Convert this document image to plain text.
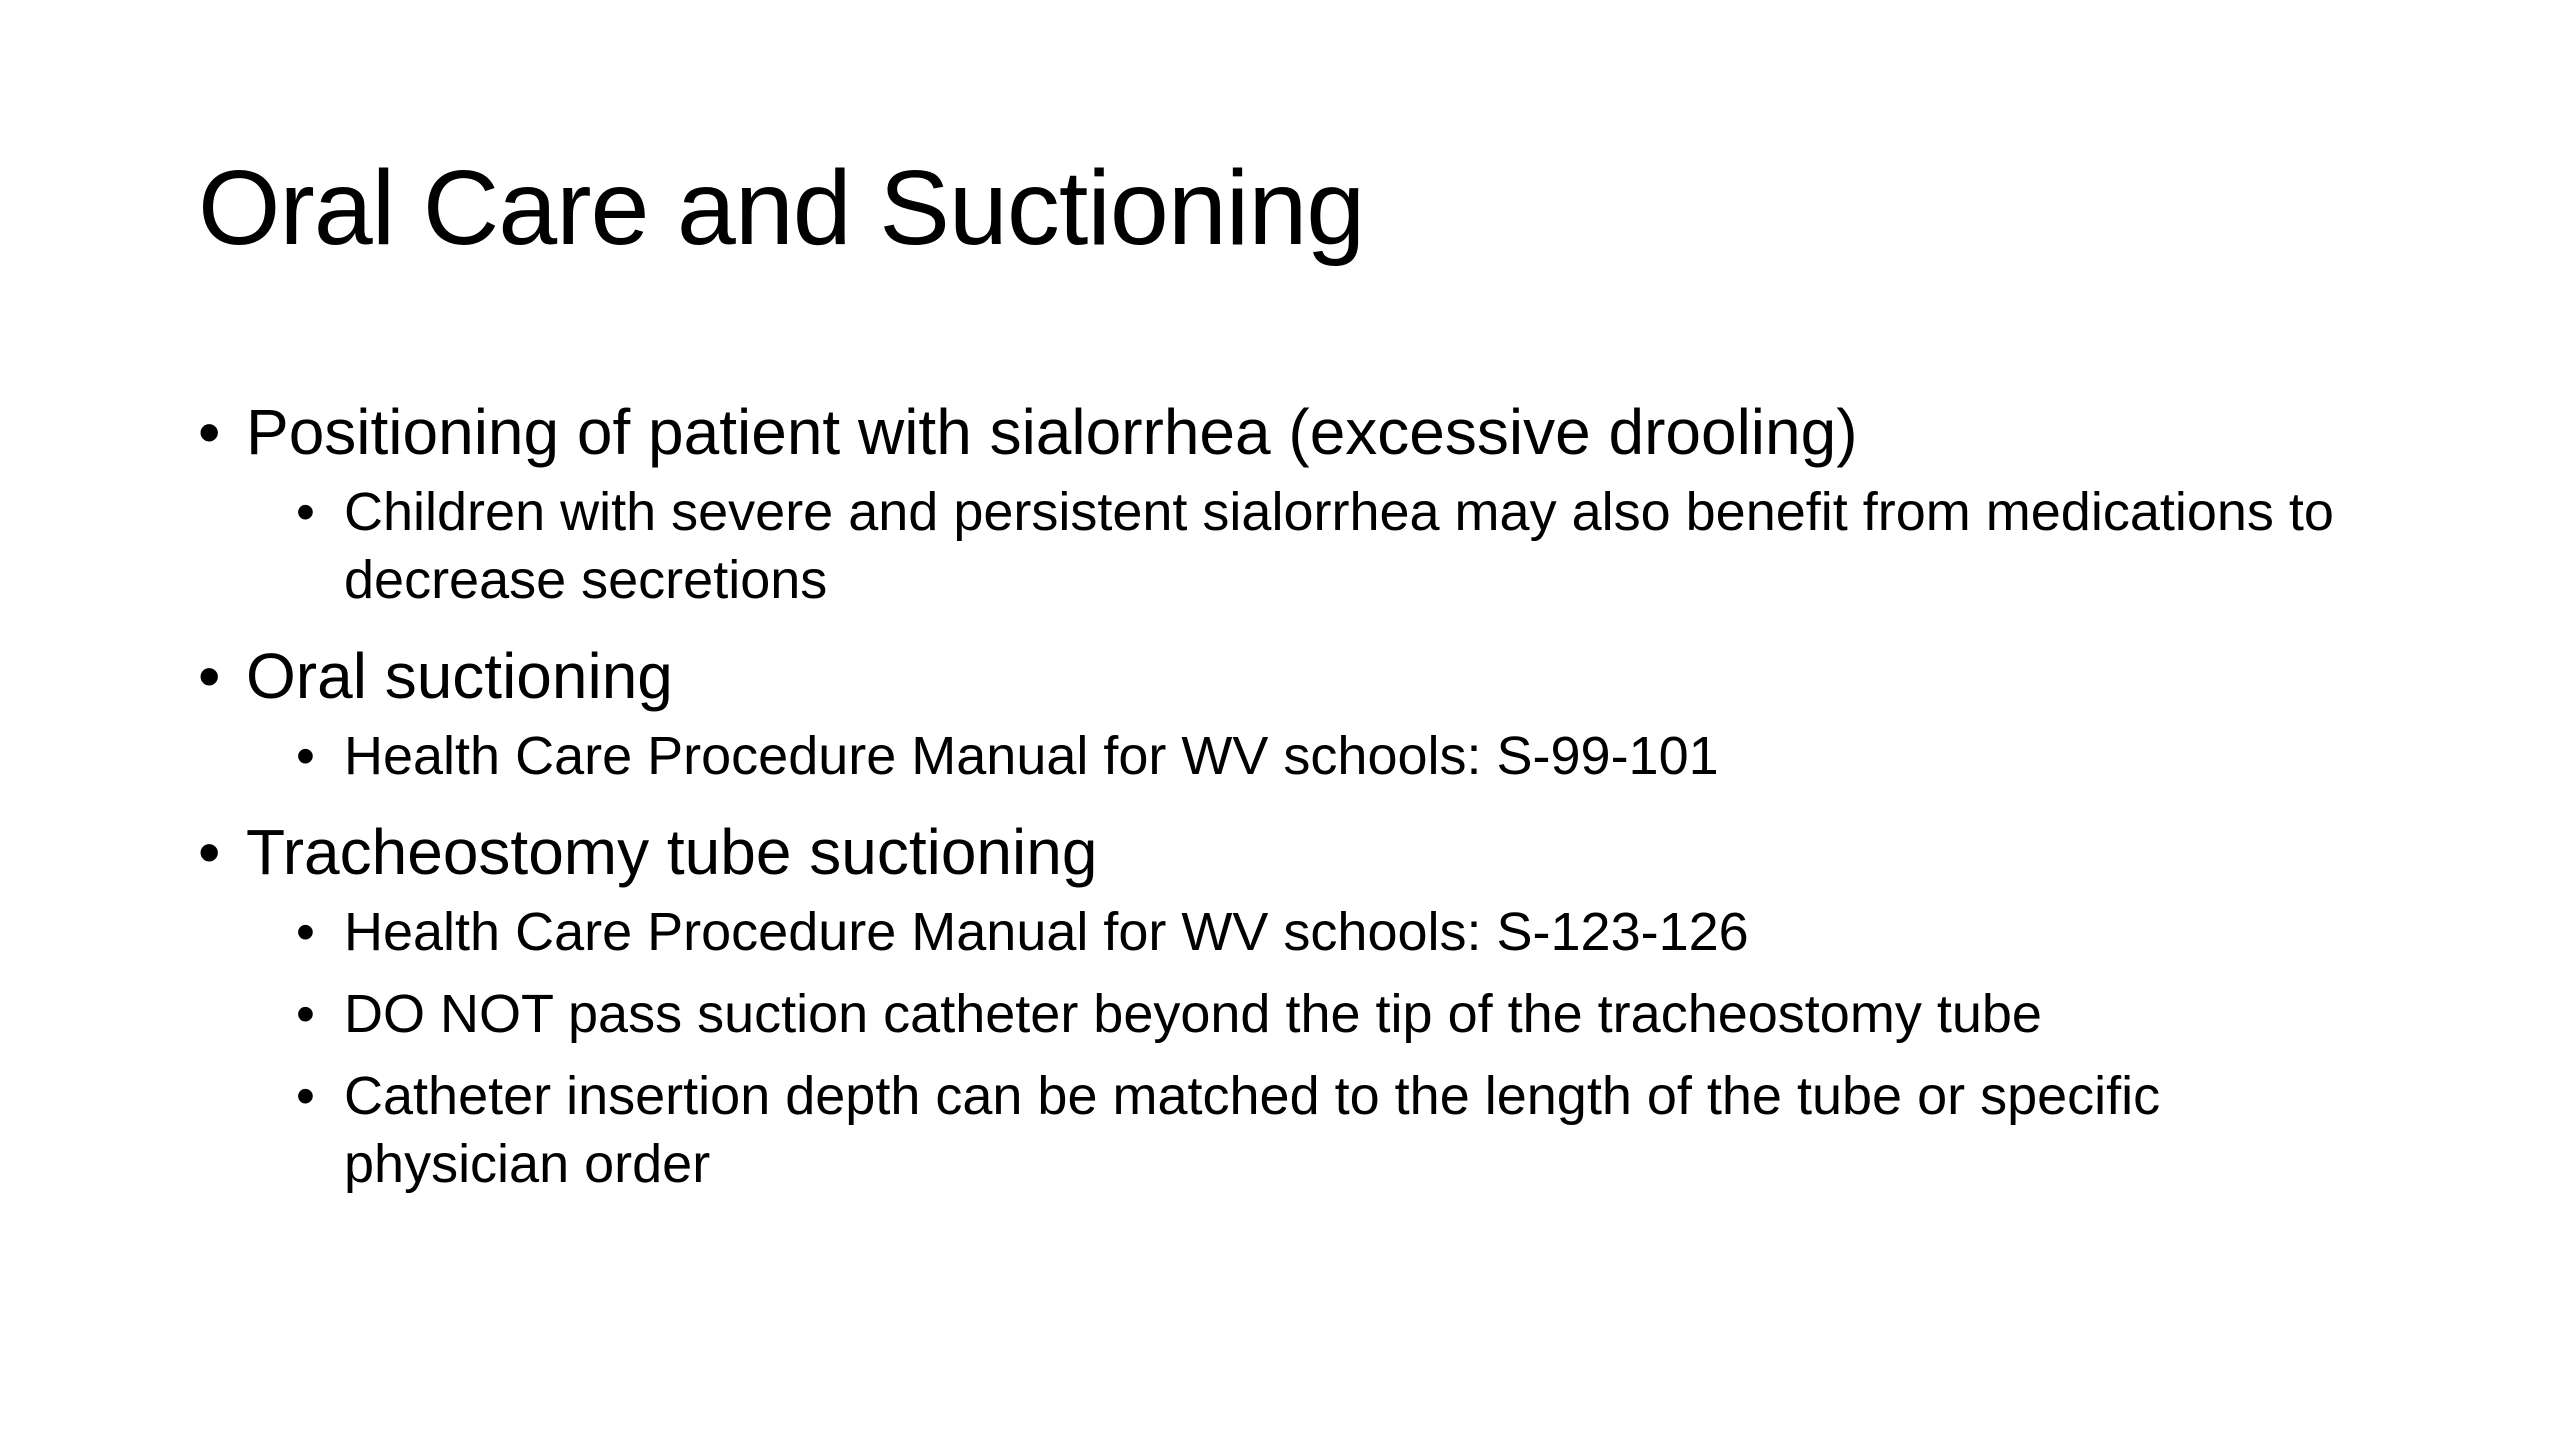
Oral Care and Suctioning
• Positioning of patient with sialorrhea (excessive drooling)
• Children with severe and persistent sialorrhea may also benefit from medications to decrease secretions
• Oral suctioning
• Health Care Procedure Manual for WV schools: S-99-101
• Tracheostomy tube suctioning
• Health Care Procedure Manual for WV schools: S-123-126
• DO NOT pass suction catheter beyond the tip of the tracheostomy tube
• Catheter insertion depth can be matched to the length of the tube or specific physician order
